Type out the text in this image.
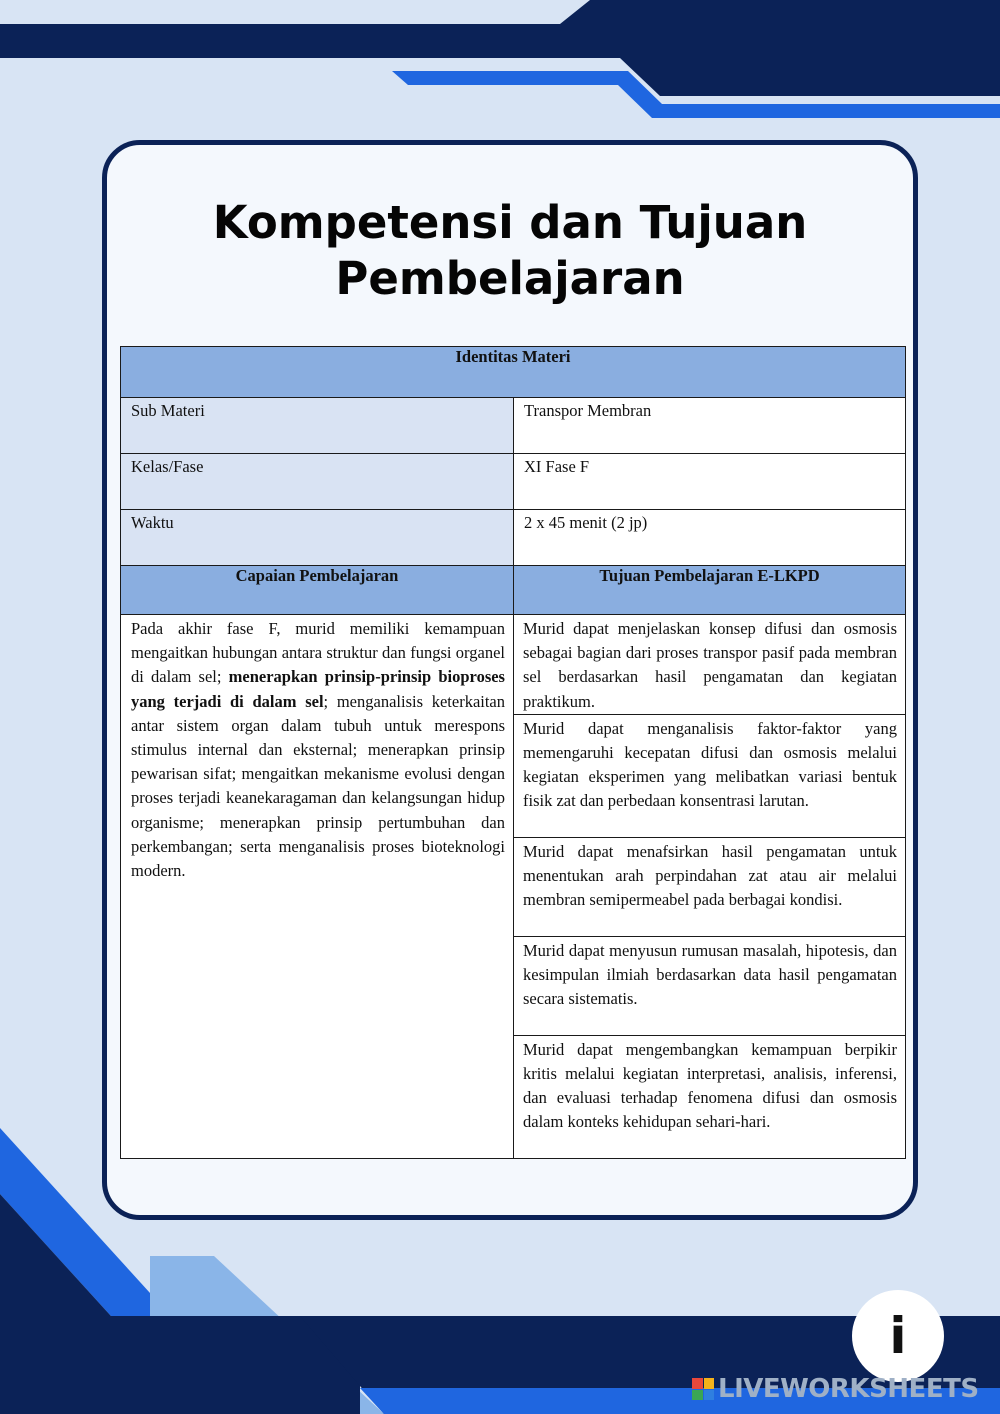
Kompetensi dan Tujuan
Pembelajaran
Identitas Materi	
Sub Materi	Transpor Membran
Kelas/Fase	XI Fase F
Waktu	2 x 45 menit (2 jp)
Capaian Pembelajaran	Tujuan Pembelajaran E-LKPD
Pada akhir fase F, murid memiliki kemampuan mengaitkan hubungan antara struktur dan fungsi organel di dalam sel; menerapkan prinsip-prinsip bioproses yang terjadi di dalam sel; menganalisis keterkaitan antar sistem organ dalam tubuh untuk merespons stimulus internal dan eksternal; menerapkan prinsip pewarisan sifat; mengaitkan mekanisme evolusi dengan proses terjadi keanekaragaman dan kelangsungan hidup organisme; menerapkan prinsip pertumbuhan dan perkembangan; serta menganalisis proses bioteknologi modern.	Murid dapat menjelaskan konsep difusi dan osmosis sebagai bagian dari proses transpor pasif pada membran sel berdasarkan hasil pengamatan dan kegiatan praktikum.
	Murid dapat menganalisis faktor-faktor yang memengaruhi kecepatan difusi dan osmosis melalui kegiatan eksperimen yang melibatkan variasi bentuk fisik zat dan perbedaan konsentrasi larutan.
	Murid dapat menafsirkan hasil pengamatan untuk menentukan arah perpindahan zat atau air melalui membran semipermeabel pada berbagai kondisi.
	Murid dapat menyusun rumusan masalah, hipotesis, dan kesimpulan ilmiah berdasarkan data hasil pengamatan secara sistematis.
	Murid dapat mengembangkan kemampuan berpikir kritis melalui kegiatan interpretasi, analisis, inferensi, dan evaluasi terhadap fenomena difusi dan osmosis dalam konteks kehidupan sehari-hari.
i
LIVEWORKSHEETS
